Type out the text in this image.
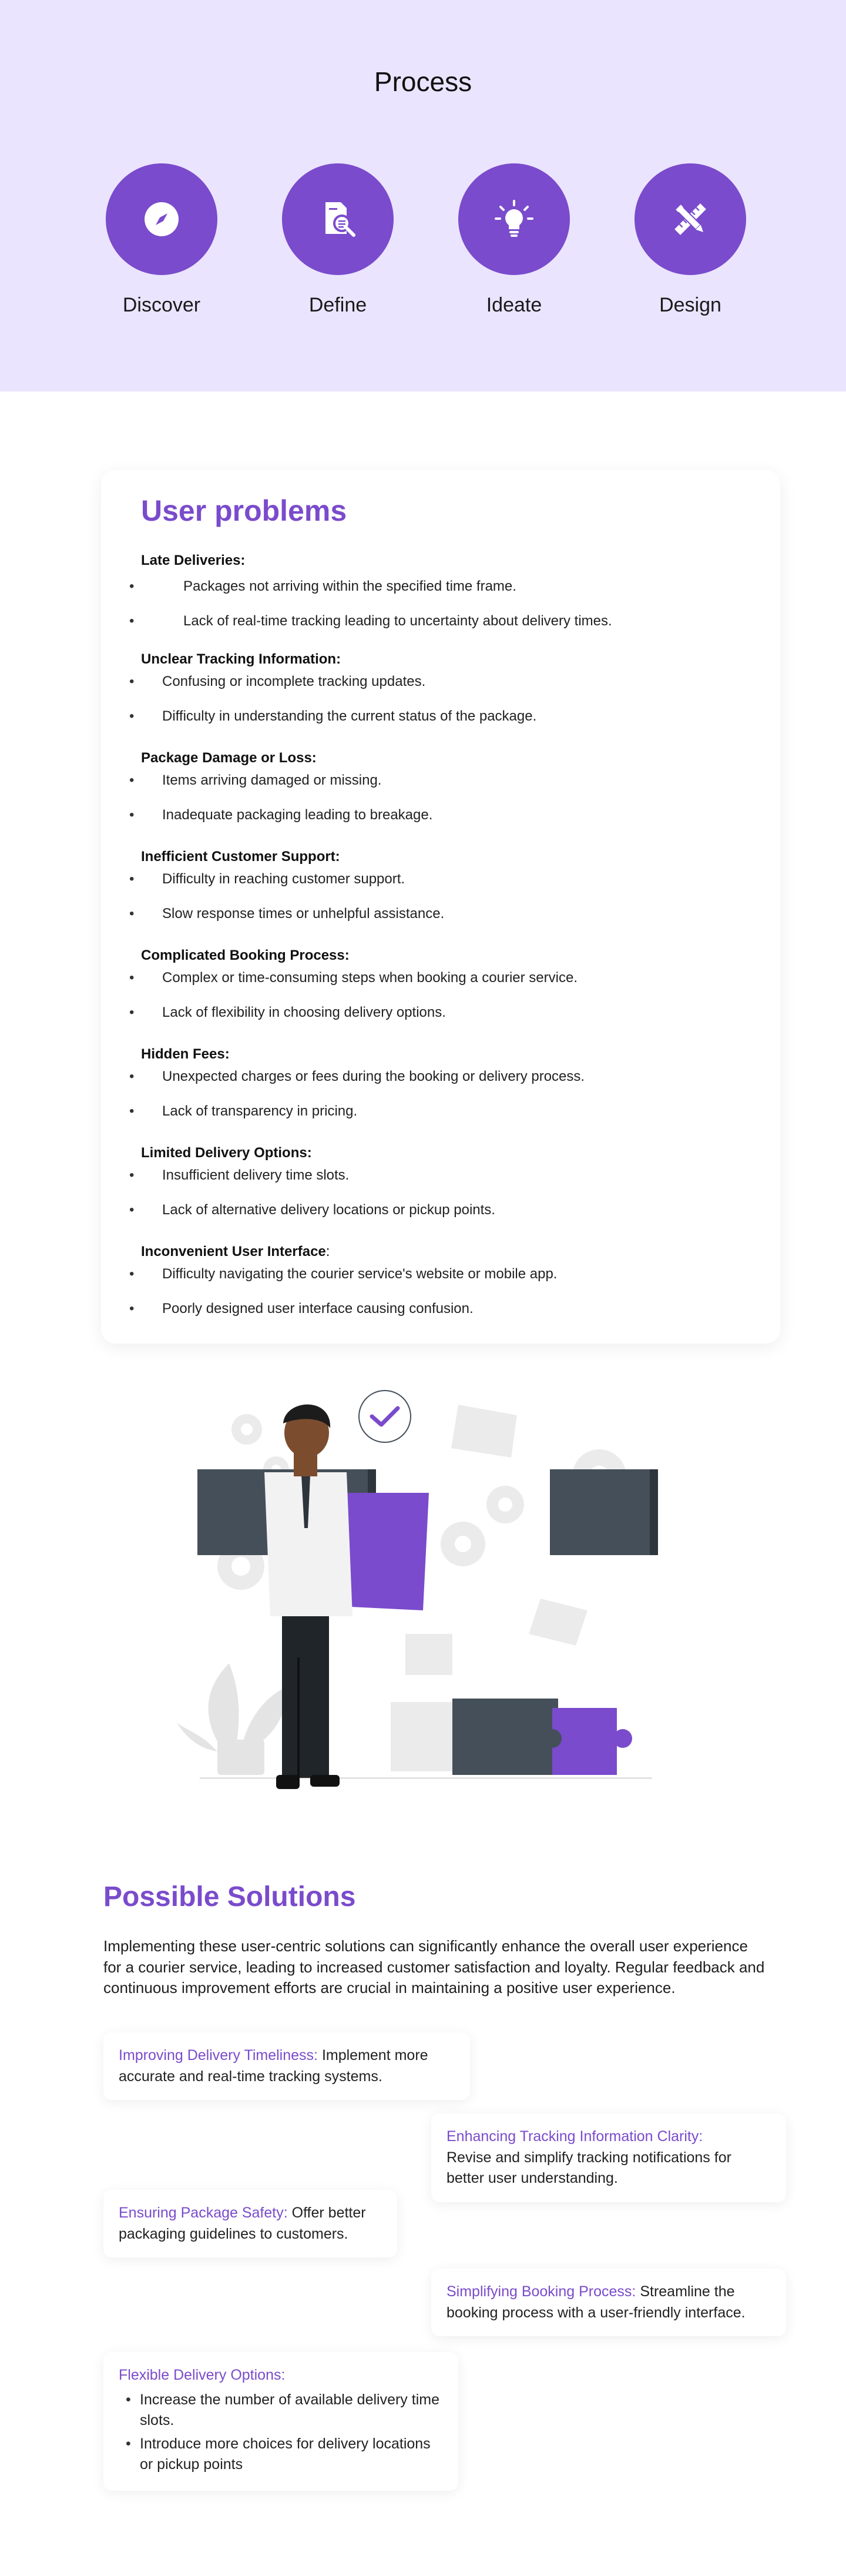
Process
Discover	Define	Ideate	Design
User problems
Late Deliveries:
• Packages not arriving within the specified time frame.
• Lack of real-time tracking leading to uncertainty about delivery times.
Unclear Tracking Information:
• Confusing or incomplete tracking updates.
• Difficulty in understanding the current status of the package.
Package Damage or Loss:
• Items arriving damaged or missing.
• Inadequate packaging leading to breakage.
Inefficient Customer Support:
• Difficulty in reaching customer support.
• Slow response times or unhelpful assistance.
Complicated Booking Process:
• Complex or time-consuming steps when booking a courier service.
• Lack of flexibility in choosing delivery options.
Hidden Fees:
• Unexpected charges or fees during the booking or delivery process.
• Lack of transparency in pricing.
Limited Delivery Options:
• Insufficient delivery time slots.
• Lack of alternative delivery locations or pickup points.
Inconvenient User Interface:
• Difficulty navigating the courier service's website or mobile app.
• Poorly designed user interface causing confusion.
Possible Solutions

Implementing these user-centric solutions can significantly enhance the overall user experience for a courier service, leading to increased customer satisfaction and loyalty. Regular feedback and continuous improvement efforts are crucial in maintaining a positive user experience.

Improving Delivery Timeliness: Implement more accurate and real-time tracking systems.
Enhancing Tracking Information Clarity:
Revise and simplify tracking notifications for better user understanding.
Ensuring Package Safety: Offer better packaging guidelines to customers.
Simplifying Booking Process: Streamline the booking process with a user-friendly interface.
Flexible Delivery Options:
• Increase the number of available delivery time slots.
• Introduce more choices for delivery locations or pickup points
